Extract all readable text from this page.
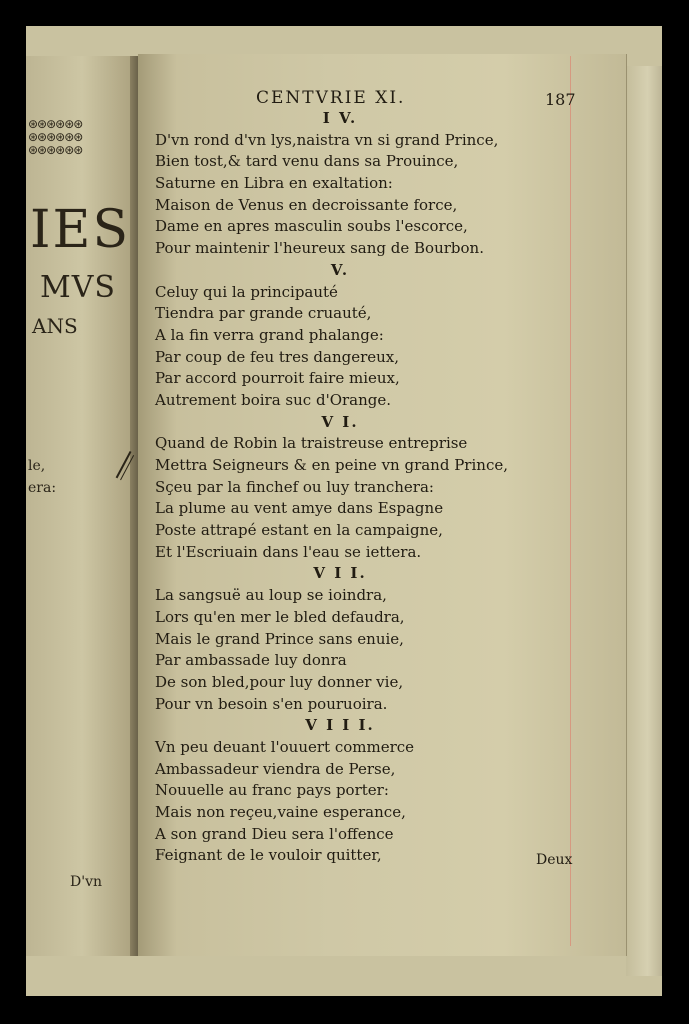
⊛⊛⊛⊛⊛⊛
⊛⊛⊛⊛⊛⊛
⊛⊛⊛⊛⊛⊛
IES
MVS
ANS
le,
era:
D'vn
CENTVRIE XI.	187
I V.
D'vn rond d'vn lys,naistra vn si grand Prince,
Bien tost,& tard venu dans sa Prouince,
Saturne en Libra en exaltation:
Maison de Venus en decroissante force,
Dame en apres masculin soubs l'escorce,
Pour maintenir l'heureux sang de Bourbon.
V.
Celuy qui la principauté
Tiendra par grande cruauté,
A la fin verra grand phalange:
Par coup de feu tres dangereux,
Par accord pourroit faire mieux,
Autrement boira suc d'Orange.
V I.
Quand de Robin la traistreuse entreprise
Mettra Seigneurs & en peine vn grand Prince,
Sçeu par la finchef ou luy tranchera:
La plume au vent amye dans Espagne
Poste attrapé estant en la campaigne,
Et l'Escriuain dans l'eau se iettera.
V I I.
La sangsuë au loup se ioindra,
Lors qu'en mer le bled defaudra,
Mais le grand Prince sans enuie,
Par ambassade luy donra
De son bled,pour luy donner vie,
Pour vn besoin s'en pouruoira.
V I I I.
Vn peu deuant l'ouuert commerce
Ambassadeur viendra de Perse,
Nouuelle au franc pays porter:
Mais non reçeu,vaine esperance,
A son grand Dieu sera l'offence
Feignant de le vouloir quitter,	Deux
